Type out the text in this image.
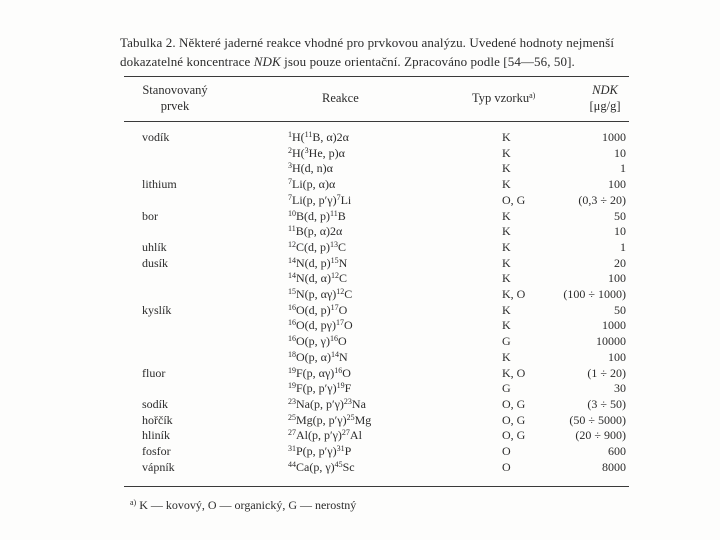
Tabulka 2. Některé jaderné reakce vhodné pro prvkovou analýzu. Uvedené hodnoty nejmenší
dokazatelné koncentrace NDK jsou pouze orientační. Zpracováno podle [54—56, 50].
Stanovovaný
prvek
Reakce	Typ vzorku$^{a)}$	NDK
[μg/g]
vodík	$^1$H($^{11}$B, α)2α	K	1000
$^2$H($^3$He, p)α	K	10
$^3$H(d, n)α	K	1
lithium	$^7$Li(p, α)α	K	100
$^7$Li(p, p′γ)$^7$Li	O, G	(0,3 ÷ 20)
bor	$^{10}$B(d, p)$^{11}$B	K	50
$^{11}$B(p, α)2α	K	10
uhlík	$^{12}$C(d, p)$^{13}$C	K	1
dusík	$^{14}$N(d, p)$^{15}$N	K	20
$^{14}$N(d, α)$^{12}$C	K	100
$^{15}$N(p, αγ)$^{12}$C	K, O	(100 ÷ 1000)
kyslík	$^{16}$O(d, p)$^{17}$O	K	50
$^{16}$O(d, pγ)$^{17}$O	K	1000
$^{16}$O(p, γ)$^{16}$O	G	10000
$^{18}$O(p, α)$^{14}$N	K	100
fluor	$^{19}$F(p, αγ)$^{16}$O	K, O	(1 ÷ 20)
$^{19}$F(p, p′γ)$^{19}$F	G	30
sodík	$^{23}$Na(p, p′γ)$^{23}$Na	O, G	(3 ÷ 50)
hořčík	$^{25}$Mg(p, p′γ)$^{25}$Mg	O, G	(50 ÷ 5000)
hliník	$^{27}$Al(p, p′γ)$^{27}$Al	O, G	(20 ÷ 900)
fosfor	$^{31}$P(p, p′γ)$^{31}$P	O	600
vápník	$^{44}$Ca(p, γ)$^{45}$Sc	O	8000
$^{a)}$ K — kovový, O — organický, G — nerostný
